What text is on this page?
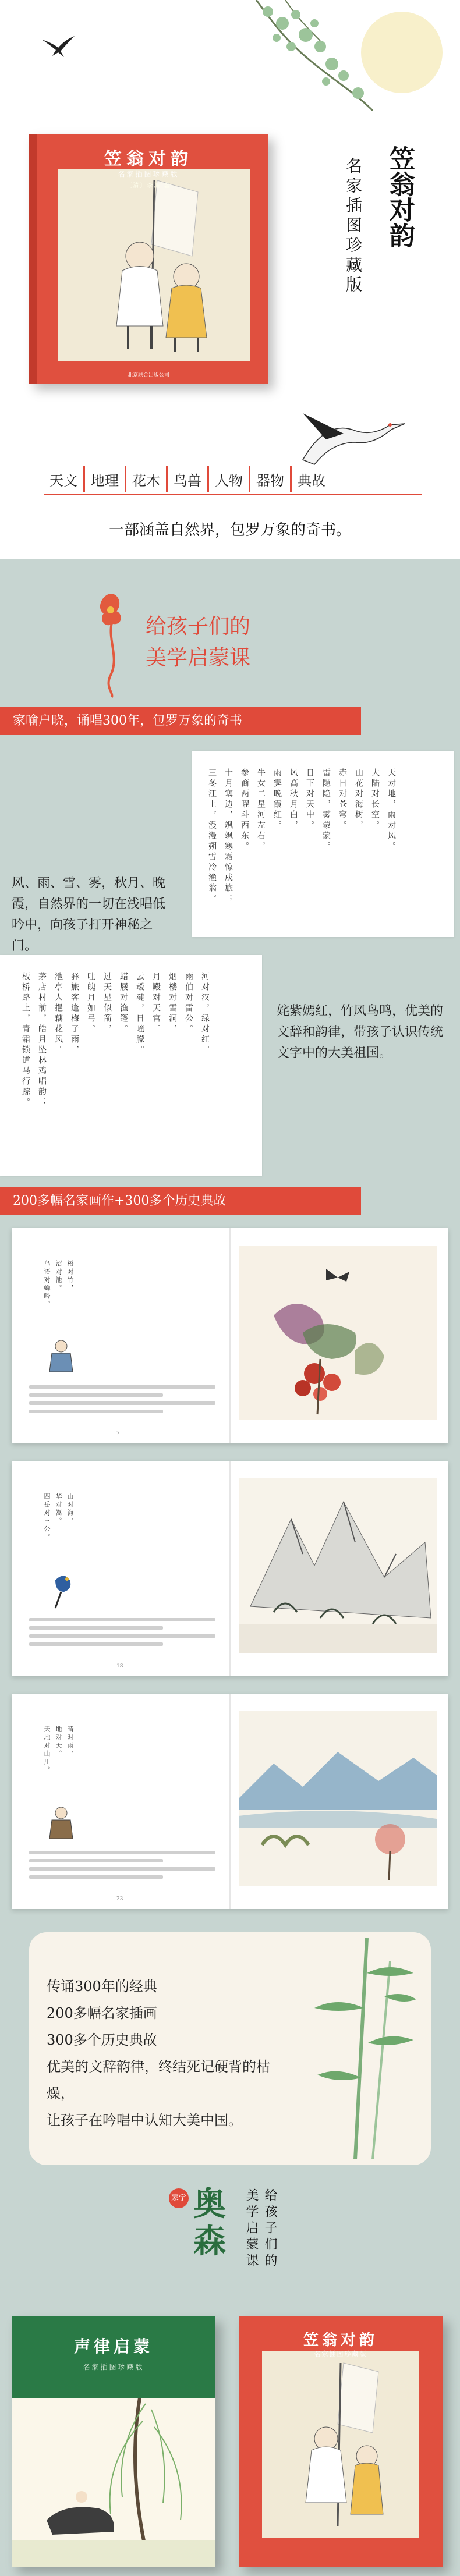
笠翁对韵
名家插图珍藏版
〔清〕李渔 著
北京联合出版公司
笠翁对韵
名家插图珍藏版
天文 地理 花木 鸟兽 人物 器物 典故
一部涵盖自然界，包罗万象的奇书。
给孩子们的
美学启蒙课
家喻户晓，诵唱300年，包罗万象的奇书
天对地，雨对风。
大陆对长空。
山花对海树，
赤日对苍穹。
雷隐隐，雾蒙蒙。
日下对天中。
风高秋月白，
雨霁晚霞红。
牛女二星河左右，
参商两曜斗西东。
十月塞边，飒飒寒霜惊戍旅；
三冬江上，漫漫朔雪冷渔翁。
风、雨、雪、雾，秋月、晚霞，自然界的一切在浅唱低吟中，向孩子打开神秘之门。
河对汉，绿对红。
雨伯对雷公。
烟楼对雪洞，
月殿对天宫。
云叆叇，日曈朦。
蜡屐对渔篷。
过天星似箭，
吐魄月如弓。
驿旅客逢梅子雨，
池亭人挹藕花风。
茅店村前，皓月坠林鸡唱韵；
板桥路上，青霜锁道马行踪。	姹紫嫣红，竹风鸟鸣，优美的文辞和韵律，带孩子认识传统文字中的大美祖国。
200多幅名家画作+300多个历史典故
梧对竹，
沼对池。
鸟语对蝉吟。
7
山对海，
华对嵩。
四岳对三公。
18
晴对雨，
地对天。
天地对山川。
23
传诵300年的经典
200多幅名家插画
300多个历史典故
优美的文辞韵律，终结死记硬背的枯燥，
让孩子在吟唱中认知大美中国。
蒙学 奥森	给孩子们的美学启蒙课
声律启蒙
名家插图珍藏版
笠翁对韵
名家插图珍藏版
